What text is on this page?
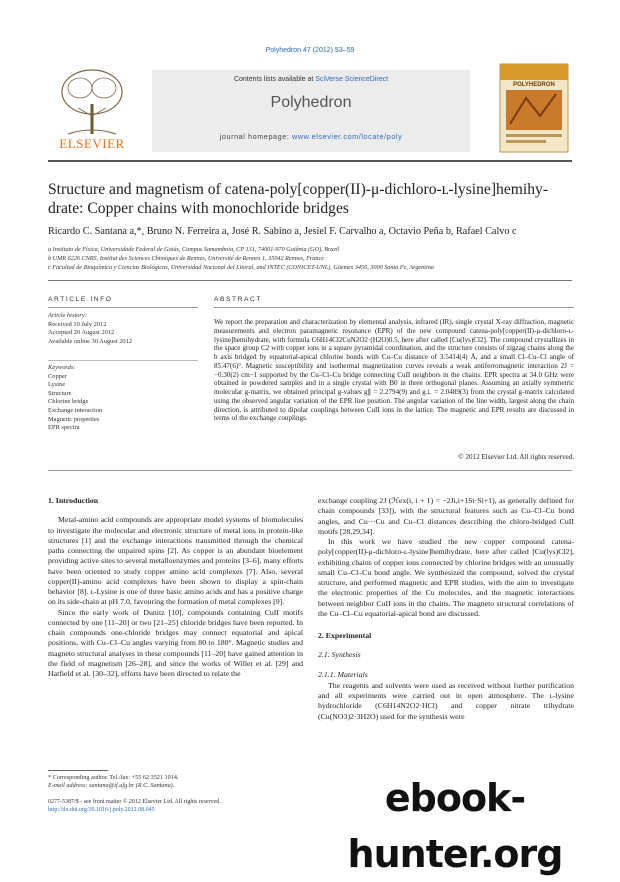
Polyhedron 47 (2012) 53–59
ELSEVIER
Contents lists available at SciVerse ScienceDirect
Polyhedron
journal homepage: www.elsevier.com/locate/poly
POLYHEDRON
Structure and magnetism of catena-poly[copper(II)-μ-dichloro-ʟ-lysine]hemihy-
drate: Copper chains with monochloride bridges
Ricardo C. Santana a,*, Bruno N. Ferreira a, José R. Sabino a, Jesiel F. Carvalho a, Octavio Peña b, Rafael Calvo c
a Instituto de Física, Universidade Federal de Goiás, Campus Samambaia, CP 131, 74001-970 Goiânia (GO), Brazil
b UMR 6226 CNRS, Institut des Sciences Chimiques de Rennes, Université de Rennes 1, 35042 Rennes, France
c Facultad de Bioquímica y Ciencias Biológicas, Universidad Nacional del Litoral, and INTEC (CONICET-UNL), Güemes 3450, 3000 Santa Fe, Argentina
ARTICLE INFO
Article history:
Received 10 July 2012
Accepted 20 August 2012
Available online 30 August 2012
Keywords:
Copper
Lysine
Structure
Chlorine bridge
Exchange interaction
Magnetic properties
EPR spectra
ABSTRACT
We report the preparation and characterization by elemental analysis, infrared (IR), single crystal X-ray diffraction, magnetic measurements and electron paramagnetic resonance (EPR) of the new compound catena-poly[copper(II)-μ-dichloro-ʟ-lysine]hemihydrate, with formula C6H14Cl2CuN2O2·(H2O)0.5, here after called [Cu(lys)Cl2]. The compound crystallizes in the space group C2 with copper ions in a square pyramidal coordination, and the structure consists of zigzag chains along the b axis bridged by equatorial-apical chlorine bonds with Cu–Cu distance of 3.5414(4) Å, and a small Cl–Cu–Cl angle of 85.47(6)°. Magnetic susceptibility and isothermal magnetization curves reveals a weak antiferromagnetic interaction 2J = −0.30(2) cm−1 supported by the Cu–Cl–Cu bridge connecting CuII neighbors in the chains. EPR spectra at 34.0 GHz were obtained in powdered samples and in a single crystal with B0 in three orthogonal planes. Assuming an axially symmetric molecular g-matrix, we obtained principal g-values g∥ = 2.2794(9) and g⊥ = 2.0489(3) from the crystal g-matrix calculated using the observed angular variation of the EPR line position. The angular variation of the line width, largest along the chain direction, is attributed to dipolar couplings between CuII ions in the lattice. The magnetic and EPR results are discussed in terms of the exchange couplings.
© 2012 Elsevier Ltd. All rights reserved.
1. Introduction

Metal-amino acid compounds are appropriate model systems of biomolecules to investigate the molecular and electronic structure of metal ions in protein-like structures [1] and the exchange interactions transmitted through the chemical paths connecting the unpaired spins [2]. As copper is an abundant bioelement providing active sites to several metalloenzymes and proteins [3–6], many efforts have been oriented to study copper amino acid complexes [7]. Also, several copper(II)-amino acid complexes have been shown to display a spin-chain behavior [8]. ʟ-Lysine is one of three basic amino acids and has a positive charge on its side-chain at pH 7.0, favouring the formation of metal complexes [9].

Since the early work of Dunitz [10], compounds containing CuII motifs connected by one [11–20] or two [21–25] chloride bridges have been reported. In chain compounds one-chloride bridges may connect equatorial and apical positions, with Cu–Cl–Cu angles varying from 80 to 180°. Magnetic studies and magneto structural analyses in these compounds [11–20] have gained attention in the field of magnetism [26–28], and since the works of Willet et al. [29] and Hatfield et al. [30–32], efforts have been directed to relate the

* Corresponding author. Tel./fax: +55 62 3521 1014.
E-mail address: santana@if.ufg.br (R.C. Santana).
0277-5387/$ - see front matter © 2012 Elsevier Ltd. All rights reserved.
http://dx.doi.org/10.1016/j.poly.2012.08.045

exchange coupling 2J (ℋex(i, i + 1) = −2Ji,i+1Si·Si+1), as generally defined for chain compounds [33]), with the structural features such as Cu–Cl–Cu bond angles, and Cu···Cu and Cu–Cl distances describing the chloro-bridged CuII motifs [28,29,34].

In this work we have studied the new copper compound catena-poly[copper(II)-μ-dichloro-ʟ-lysine]hemihydrate, here after called [Cu(lys)Cl2], exhibiting chains of copper ions connected by chlorine bridges with an unusually small Cu–Cl–Cu bond angle. We synthesized the compound, solved the crystal structure, and performed magnetic and EPR studies, with the aim to investigate the electronic properties of the Cu molecules, and the magnetic interactions between neighbor CuII ions in the chains. The magneto structural correlations of the Cu–Cl–Cu equatorial-apical bond are discussed.

2. Experimental
2.1. Synthesis
2.1.1. Materials

The reagents and solvents were used as received without further purification and all experiments were carried out in open atmosphere. The ʟ-lysine hydrochloride (C6H14N2O2·HCl) and copper nitrate trihydrate (Cu(NO3)2·3H2O) used for the synthesis were

ebook-hunter.org
